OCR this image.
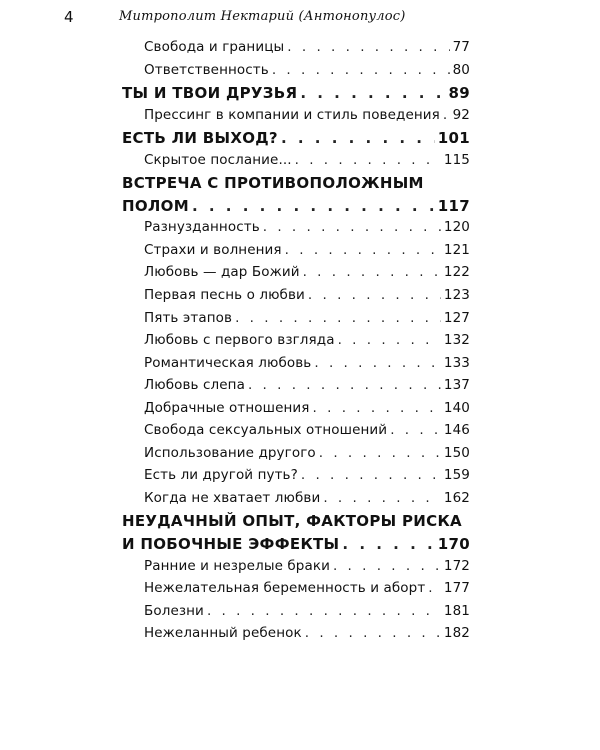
4	Митрополит Нектарий (Антонопулос)
Свобода и границы . . .	77
Ответственность . . .	80
ТЫ И ТВОИ ДРУЗЬЯ . . .	89
Прессинг в компании и стиль поведения . . . 92
ЕСТЬ ЛИ ВЫХОД? . . .	101
Скрытое послание... . . .	115
ВСТРЕЧА С ПРОТИВОПОЛОЖНЫМ
ПОЛОМ . . .	117
Разнузданность . . .	120
Страхи и волнения . . .	121
Любовь — дар Божий . . .	122
Первая песнь о любви . . .	123
Пять этапов . . .	127
Любовь с первого взгляда . . .	132
Романтическая любовь . . .	133
Любовь слепа . . .	137
Добрачные отношения . . .	140
Свобода сексуальных отношений . . .	146
Использование другого . . .	150
Есть ли другой путь? . . .	159
Когда не хватает любви . . .	162
НЕУДАЧНЫЙ ОПЫТ, ФАКТОРЫ РИСКА
И ПОБОЧНЫЕ ЭФФЕКТЫ . . .	170
Ранние и незрелые браки . . .	172
Нежелательная беременность и аборт . . . 177
Болезни . . .	181
Нежеланный ребенок . . .	182
